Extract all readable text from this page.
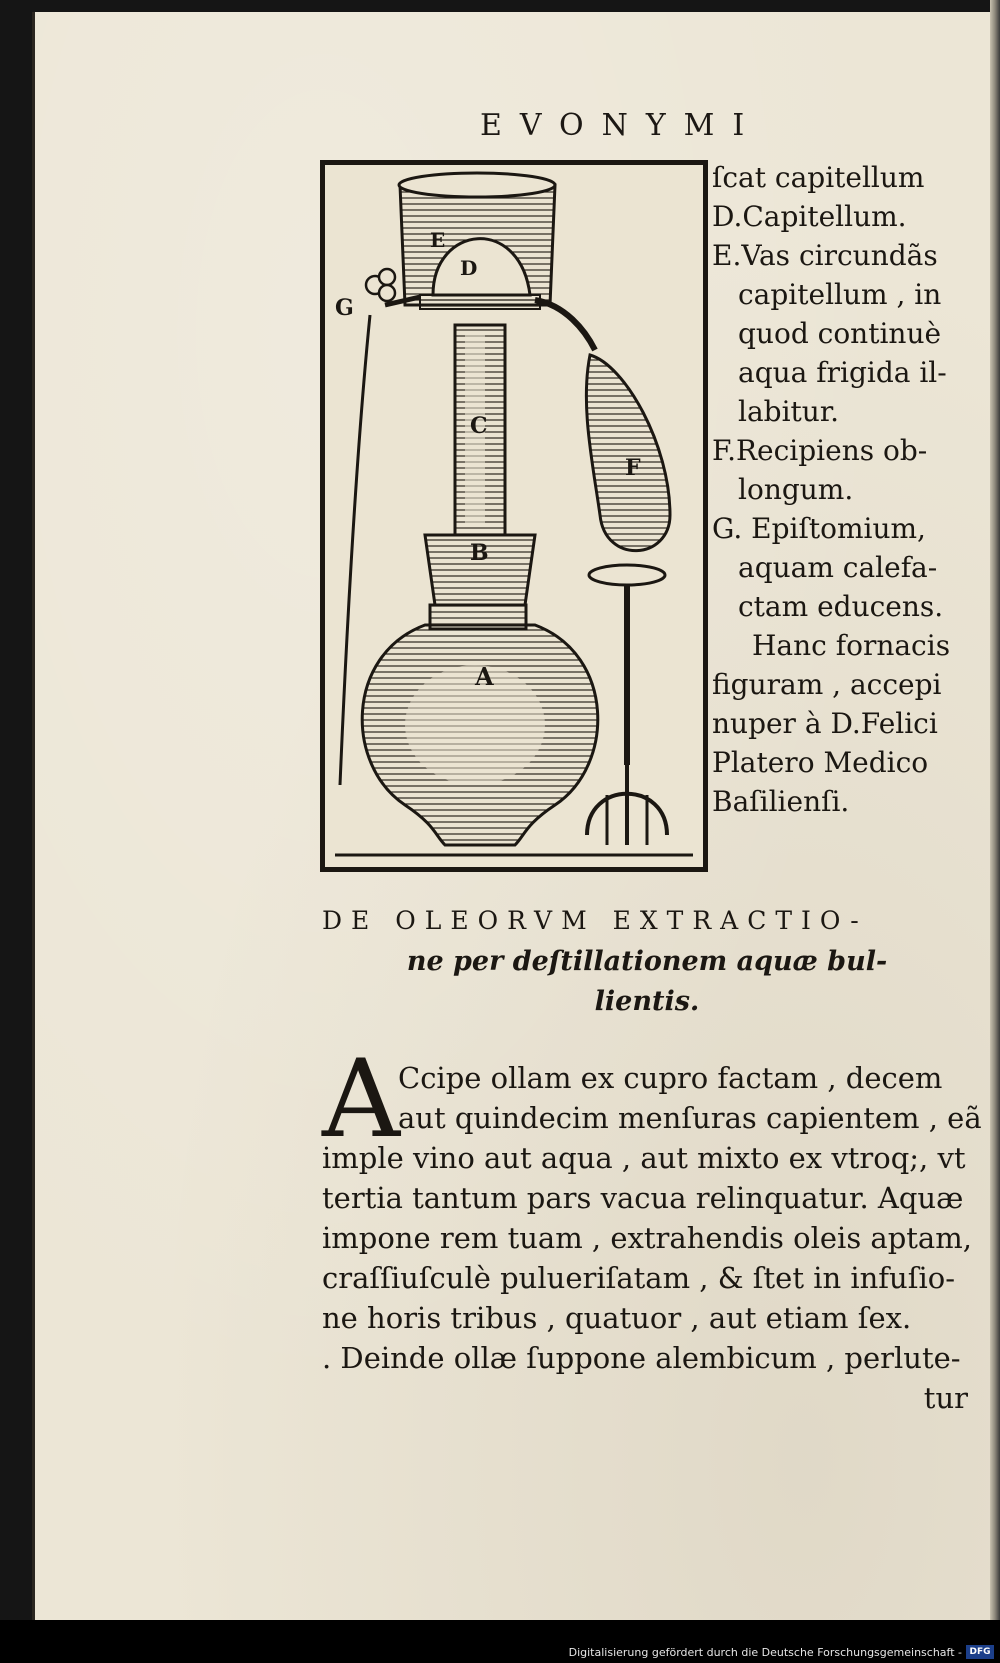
EVONYMI
A
B
C
D
E
F
G
ſcat capitellum
D.Capitellum.
E.Vas circundãs
capitellum , in
quod continuè
aqua frigida il-
labitur.
F.Recipiens ob-
longum.
G. Epiſtomium,
aquam calefa-
ctam educens.
Hanc fornacis
figuram , accepi
nuper à D.Felici
Platero Medico
Baſilienſi.
DE OLEORVM EXTRACTIO-
ne per deſtillationem aquæ bul-
lientis.
A
Ccipe ollam ex cupro factam , decem
aut quindecim menſuras capientem , eã
imple vino aut aqua , aut mixto ex vtroq;, vt
tertia tantum pars vacua relinquatur. Aquæ
impone rem tuam , extrahendis oleis aptam,
craſſiuſculè pulueriſatam , & ſtet in infuſio-
ne horis tribus , quatuor , aut etiam ſex.
. Deinde ollæ ſuppone alembicum , perlute-
tur
Digitalisierung gefördert durch die Deutsche Forschungsgemeinschaft - DFG
